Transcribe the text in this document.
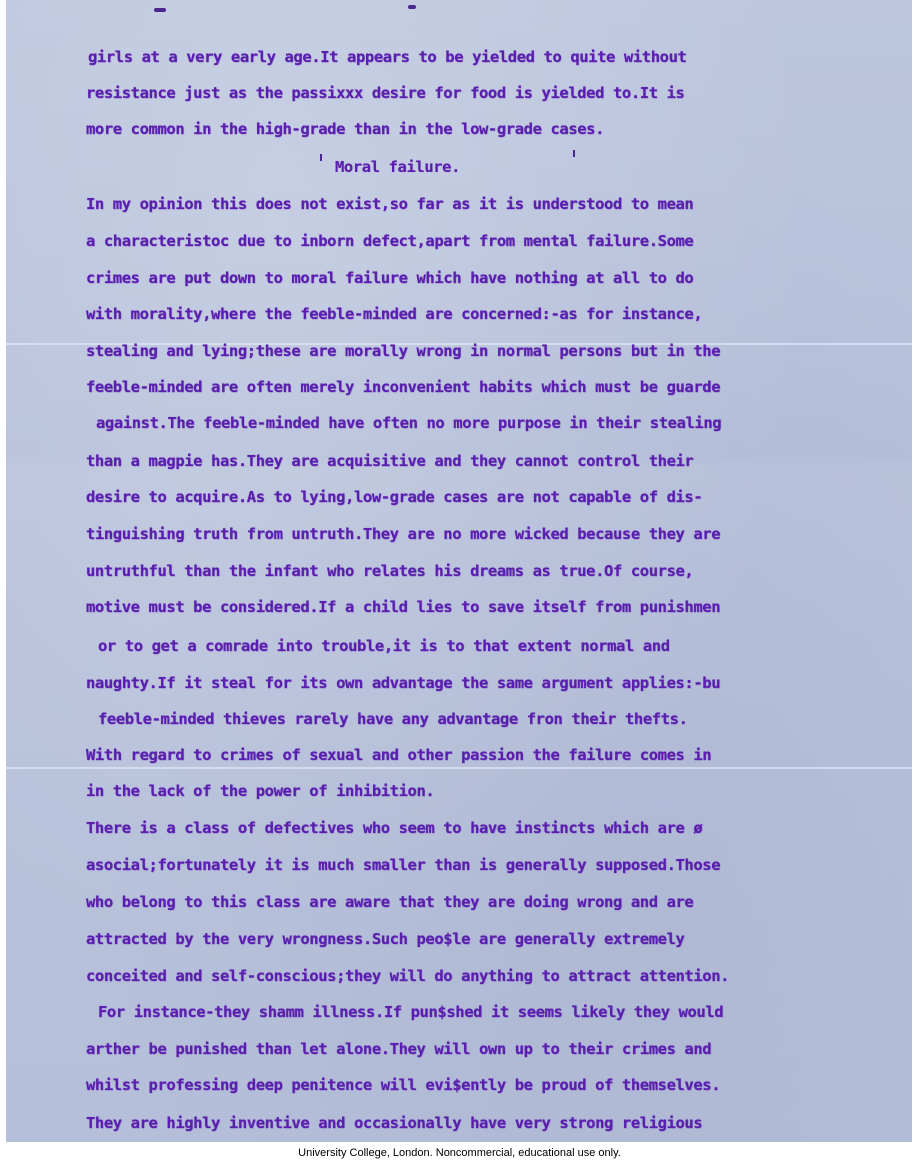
girls at a very early age.It appears to be yielded to quite without
resistance just as the passixxx desire for food is yielded to.It is
more common in the high-grade than in the low-grade cases.
Moral failure.
In my opinion this does not exist,so far as it is understood to mean
a characteristoc due to inborn defect,apart from mental failure.Some
crimes are put down to moral failure which have nothing at all to do
with morality,where the feeble-minded are concerned:-as for instance,
stealing and lying;these are morally wrong in normal persons but in the
feeble-minded are often merely inconvenient habits which must be guarde
against.The feeble-minded have often no more purpose in their stealing
than a magpie has.They are acquisitive and they cannot control their
desire to acquire.As to lying,low-grade cases are not capable of dis-
tinguishing truth from untruth.They are no more wicked because they are
untruthful than the infant who relates his dreams as true.Of course,
motive must be considered.If a child lies to save itself from punishmen
or to get a comrade into trouble,it is to that extent normal and
naughty.If it steal for its own advantage the same argument applies:-bu
feeble-minded thieves rarely have any advantage fron their thefts.
With regard to crimes of sexual and other passion the failure comes in
in the lack of the power of inhibition.
There is a class of defectives who seem to have instincts which are ø
asocial;fortunately it is much smaller than is generally supposed.Those
who belong to this class are aware that they are doing wrong and are
attracted by the very wrongness.Such peo$le are generally extremely
conceited and self-conscious;they will do anything to attract attention.
For instance-they shamm illness.If pun$shed it seems likely they would
arther be punished than let alone.They will own up to their crimes and
whilst professing deep penitence will evi$ently be proud of themselves.
They are highly inventive and occasionally have very strong religious
University College, London. Noncommercial, educational use only.
